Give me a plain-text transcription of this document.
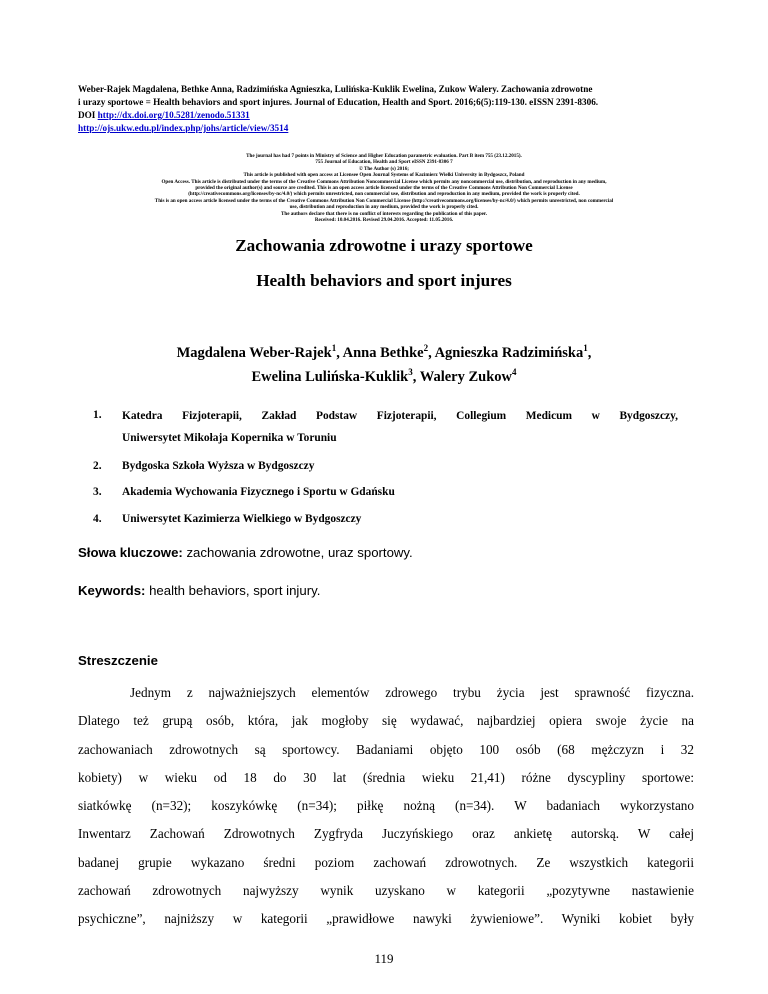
Weber-Rajek Magdalena, Bethke Anna, Radzimińska Agnieszka, Lulińska-Kuklik Ewelina, Zukow Walery. Zachowania zdrowotne
i urazy sportowe = Health behaviors and sport injures. Journal of Education, Health and Sport. 2016;6(5):119-130. eISSN 2391-8306.
DOI http://dx.doi.org/10.5281/zenodo.51331
http://ojs.ukw.edu.pl/index.php/johs/article/view/3514
The journal has had 7 points in Ministry of Science and Higher Education parametric evaluation. Part B item 755 (23.12.2015).
755 Journal of Education, Health and Sport eISSN 2391-8306 7
© The Author (s) 2016;
This article is published with open access at Licensee Open Journal Systems of Kazimierz Wielki University in Bydgoszcz, Poland
Open Access. This article is distributed under the terms of the Creative Commons Attribution Noncommercial License which permits any noncommercial use, distribution, and reproduction in any medium,
provided the original author(s) and source are credited. This is an open access article licensed under the terms of the Creative Commons Attribution Non Commercial License
(http://creativecommons.org/licenses/by-nc/4.0/) which permits unrestricted, non commercial use, distribution and reproduction in any medium, provided the work is properly cited.
This is an open access article licensed under the terms of the Creative Commons Attribution Non Commercial License (http://creativecommons.org/licenses/by-nc/4.0/) which permits unrestricted, non commercial
use, distribution and reproduction in any medium, provided the work is properly cited.
The authors declare that there is no conflict of interests regarding the publication of this paper.
Received: 10.04.2016. Revised 29.04.2016. Accepted: 11.05.2016.
Zachowania zdrowotne i urazy sportowe
Health behaviors and sport injures
Magdalena Weber-Rajek$^1$, Anna Bethke$^2$, Agnieszka Radzimińska$^1$,
Ewelina Lulińska-Kuklik$^3$, Walery Zukow$^4$
1. Katedra Fizjoterapii, Zakład Podstaw Fizjoterapii, Collegium Medicum w Bydgoszczy,
Uniwersytet Mikołaja Kopernika w Toruniu
2. Bydgoska Szkoła Wyższa w Bydgoszczy
3. Akademia Wychowania Fizycznego i Sportu w Gdańsku
4. Uniwersytet Kazimierza Wielkiego w Bydgoszczy
Słowa kluczowe: zachowania zdrowotne, uraz sportowy.
Keywords: health behaviors, sport injury.
Streszczenie
Jednym z najważniejszych elementów zdrowego trybu życia jest sprawność fizyczna.
Dlatego też grupą osób, która, jak mogłoby się wydawać, najbardziej opiera swoje życie na
zachowaniach zdrowotnych są sportowcy. Badaniami objęto 100 osób (68 mężczyzn i 32
kobiety) w wieku od 18 do 30 lat (średnia wieku 21,41) różne dyscypliny sportowe:
siatkówkę (n=32); koszykówkę (n=34); piłkę nożną (n=34). W badaniach wykorzystano
Inwentarz Zachowań Zdrowotnych Zygfryda Juczyńskiego oraz ankietę autorską. W całej
badanej grupie wykazano średni poziom zachowań zdrowotnych. Ze wszystkich kategorii
zachowań zdrowotnych najwyższy wynik uzyskano w kategorii „pozytywne nastawienie
psychiczne”, najniższy w kategorii „prawidłowe nawyki żywieniowe”. Wyniki kobiet były
119
